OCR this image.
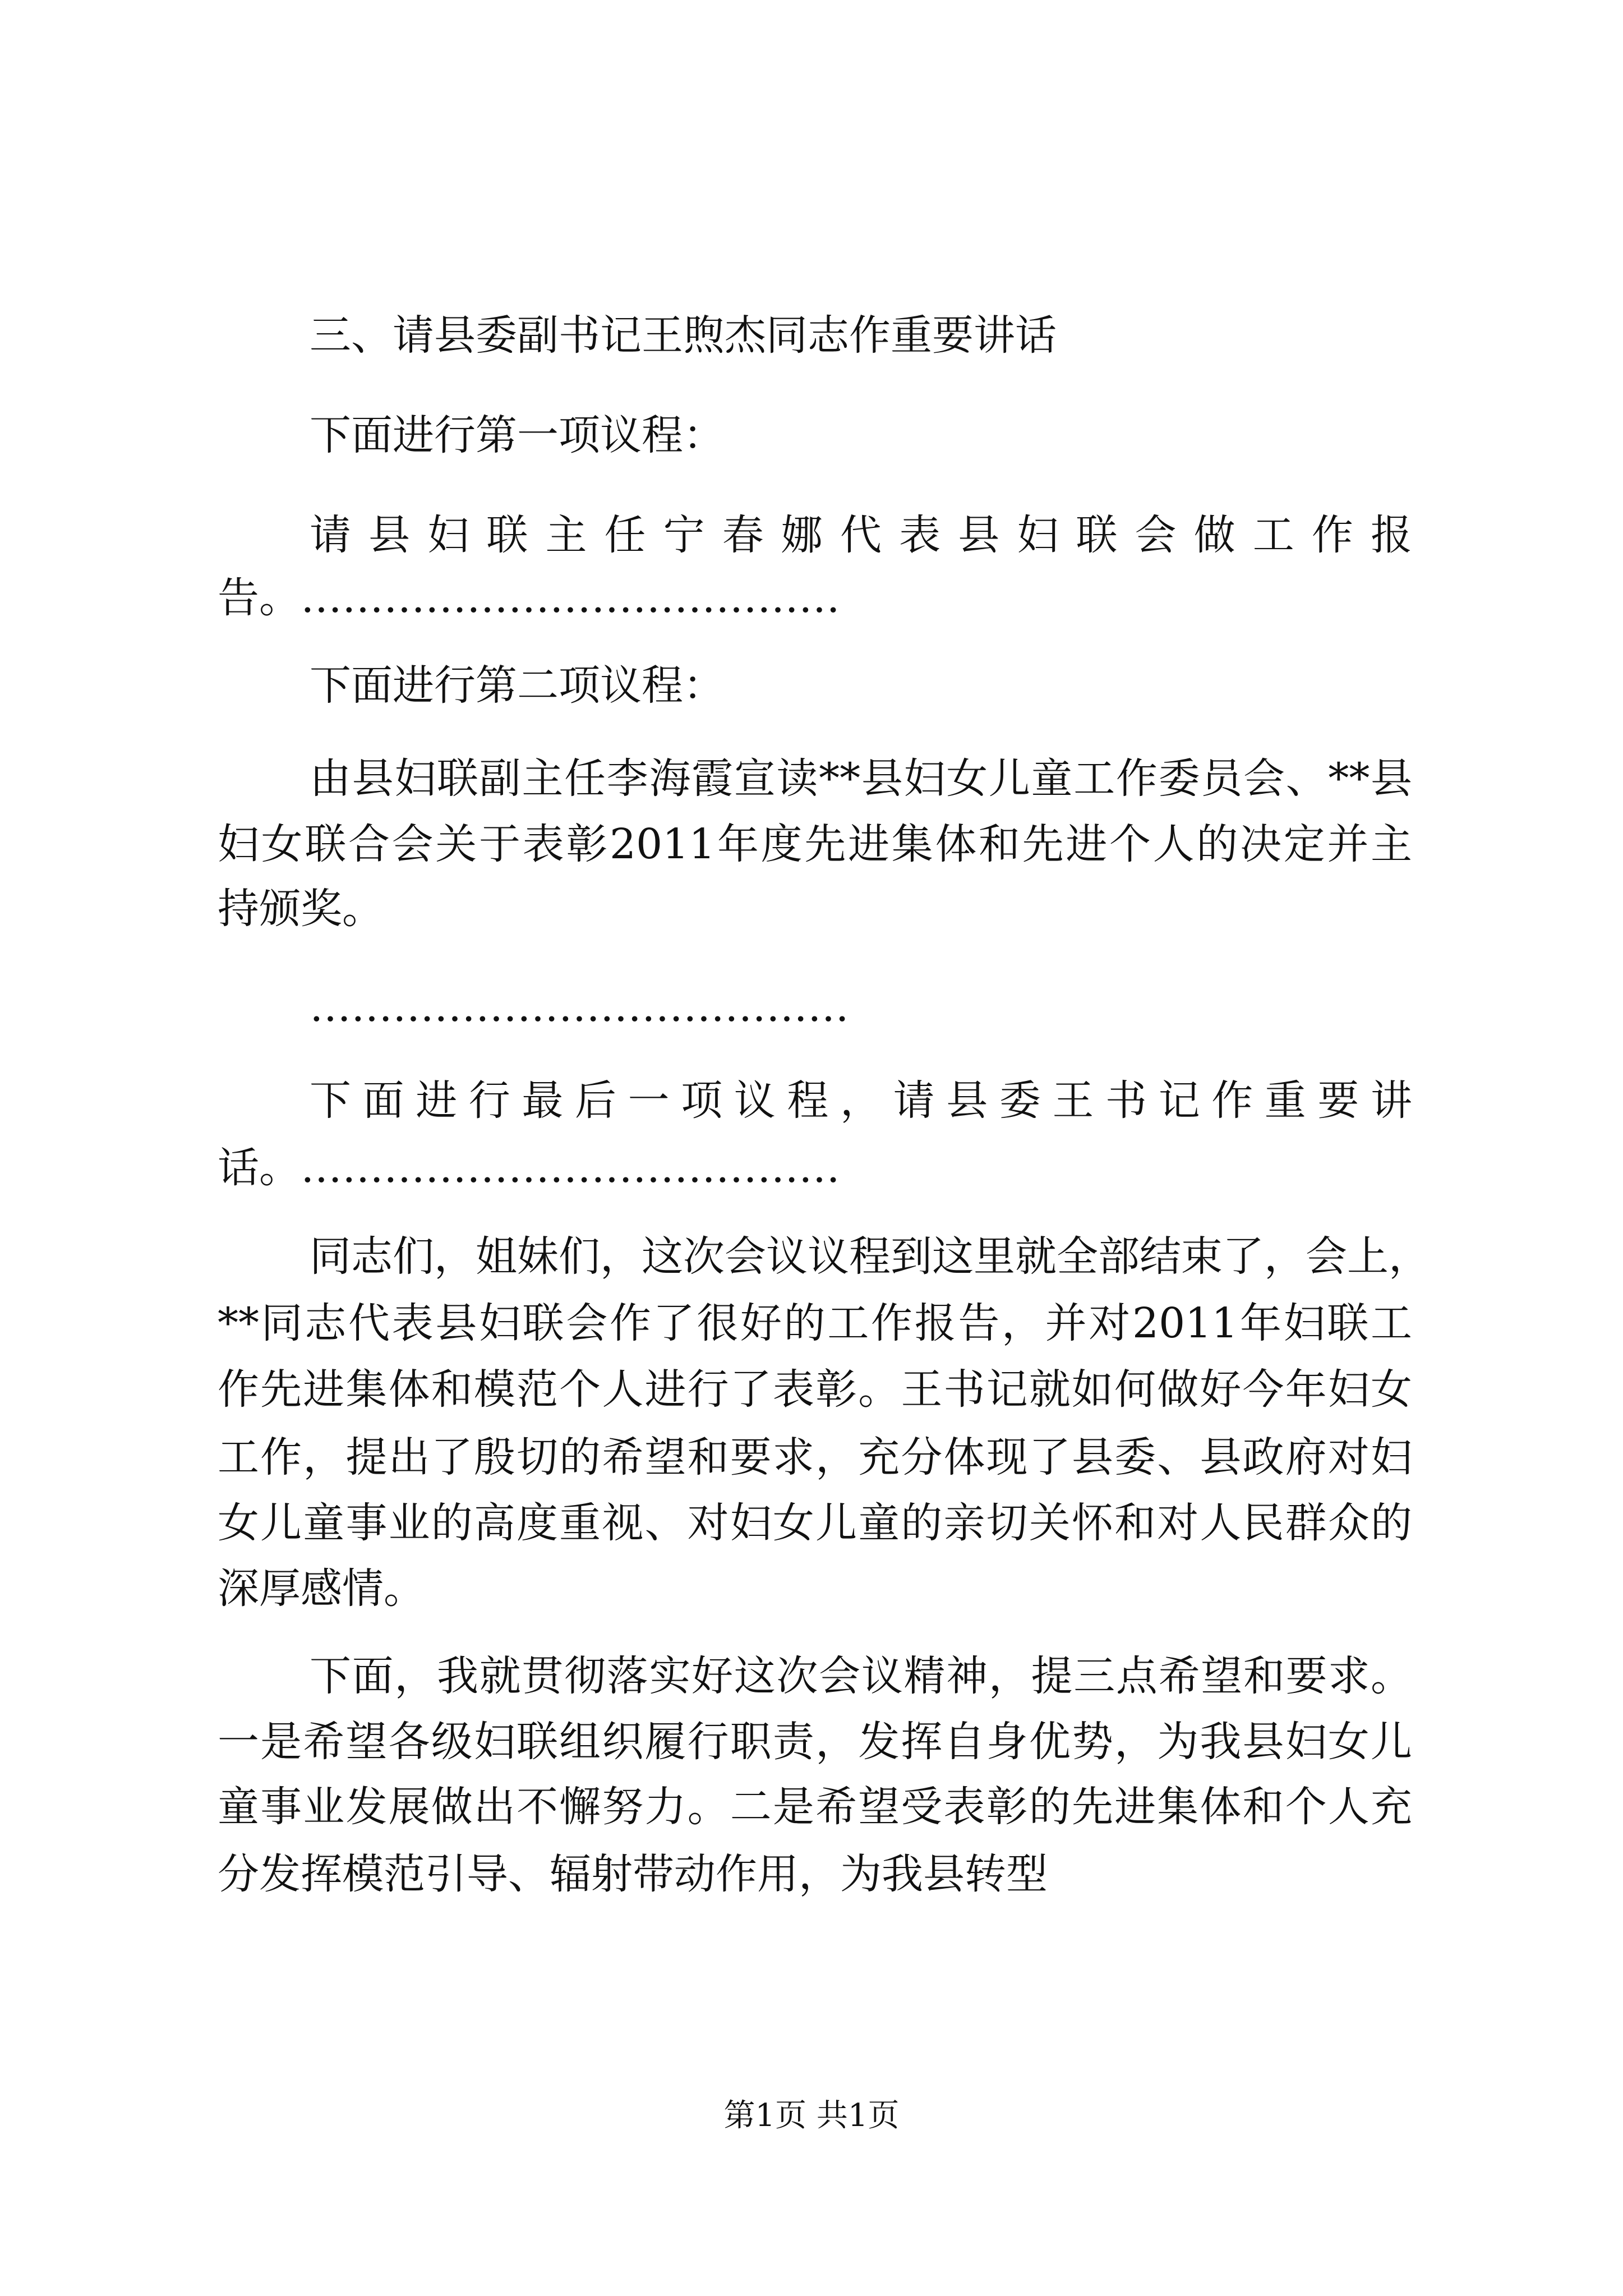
三、请县委副书记王煦杰同志作重要讲话
下面进行第一项议程：
请县妇联主任宁春娜代表县妇联会做工作报
告。…………………………………
下面进行第二项议程：
由县妇联副主任李海霞宣读**县妇女儿童工作委员会、**县
妇女联合会关于表彰2011年度先进集体和先进个人的决定并主
持颁奖。
…………………………………
下面进行最后一项议程，请县委王书记作重要讲
话。…………………………………
同志们，姐妹们，这次会议议程到这里就全部结束了，会上，
**同志代表县妇联会作了很好的工作报告，并对2011年妇联工
作先进集体和模范个人进行了表彰。王书记就如何做好今年妇女
工作，提出了殷切的希望和要求，充分体现了县委、县政府对妇
女儿童事业的高度重视、对妇女儿童的亲切关怀和对人民群众的
深厚感情。
下面，我就贯彻落实好这次会议精神，提三点希望和要求。
一是希望各级妇联组织履行职责，发挥自身优势，为我县妇女儿
童事业发展做出不懈努力。二是希望受表彰的先进集体和个人充
分发挥模范引导、辐射带动作用，为我县转型
第1页 共1页
